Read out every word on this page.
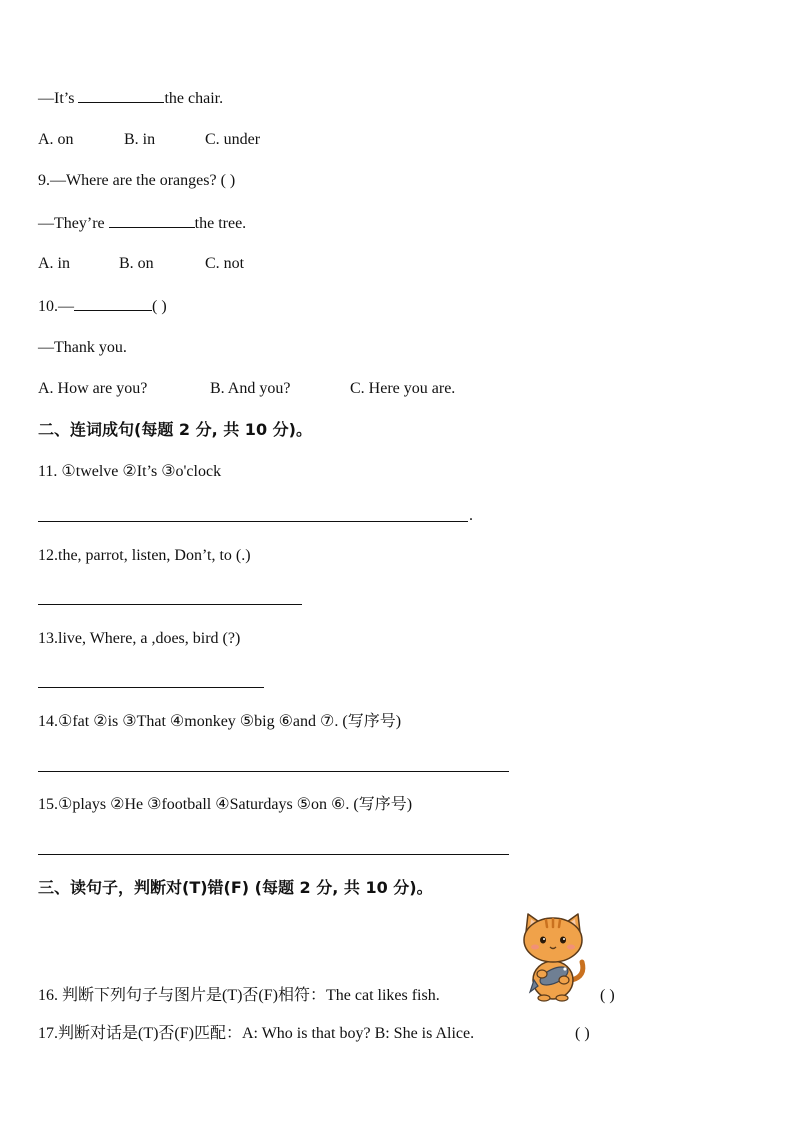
—It’s	the chair.
A. on	B. in	C. under
9.—Where are the oranges? ( )
—They’re	the tree.
A. in	B. on	C. not
10.—	( )
—Thank you.
A. How are you?	B. And you?	C. Here you are.
二、连词成句(每题 2 分, 共 10 分)。
11. ①twelve ②It’s ③o'clock
.
12.the, parrot, listen, Don’t, to (.)
13.live, Where, a ,does, bird (?)
14.①fat ②is ③That ④monkey ⑤big ⑥and ⑦. (写序号)
15.①plays ②He ③football ④Saturdays ⑤on ⑥. (写序号)
三、读句子，判断对(T)错(F) (每题 2 分, 共 10 分)。
16. 判断下列句子与图片是(T)否(F)相符：The cat likes fish.	( )
17.判断对话是(T)否(F)匹配：A: Who is that boy? B: She is Alice.	( )
